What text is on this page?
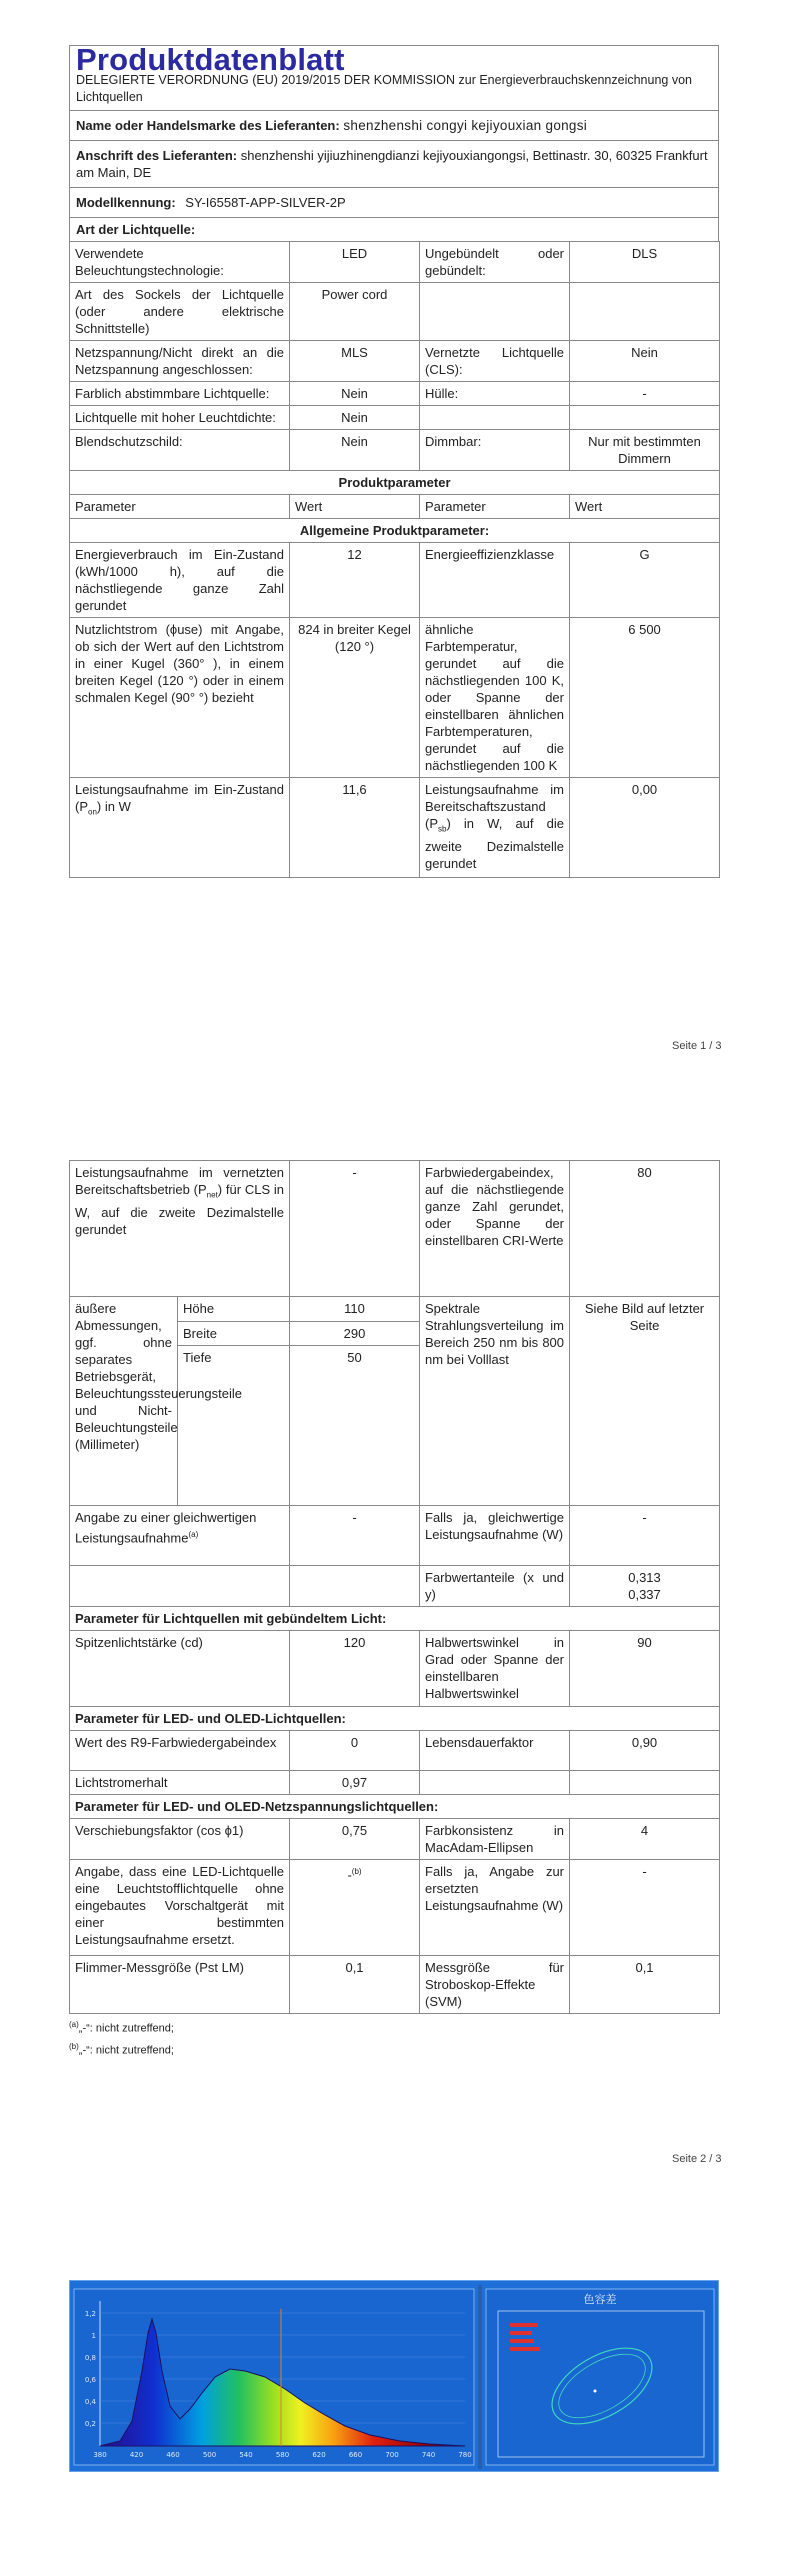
Produktdatenblatt
DELEGIERTE VERORDNUNG (EU) 2019/2015 DER KOMMISSION zur Energieverbrauchskennzeichnung von Lichtquellen
Name oder Handelsmarke des Lieferanten: shenzhenshi congyi kejiyouxian gongsi
Anschrift des Lieferanten: shenzhenshi yijiuzhinengdianzi kejiyouxiangongsi, Bettinastr. 30, 60325 Frankfurt am Main, DE
Modellkennung: SY-I6558T-APP-SILVER-2P
Art der Lichtquelle:
Verwendete Beleuchtungstechnologie:	LED	Ungebündelt oder gebündelt:	DLS
Art des Sockels der Lichtquelle (oder andere elektrische Schnittstelle)	Power cord		
Netzspannung/Nicht direkt an die Netzspannung angeschlossen:	MLS	Vernetzte Lichtquelle (CLS):	Nein
Farblich abstimmbare Lichtquelle:	Nein	Hülle:	-
Lichtquelle mit hoher Leuchtdichte:	Nein		
Blendschutzschild:	Nein	Dimmbar:	Nur mit bestimmten Dimmern
Produktparameter			
Parameter	Wert	Parameter	Wert
Allgemeine Produktparameter:			
Energieverbrauch im Ein-Zustand (kWh/1000 h), auf die nächstliegende ganze Zahl gerundet	12	Energieeffizienzklasse	G
Nutzlichtstrom (ϕuse) mit Angabe, ob sich der Wert auf den Lichtstrom in einer Kugel (360° ), in einem breiten Kegel (120 °) oder in einem schmalen Kegel (90° °) bezieht	824 in breiter Kegel (120 °)	ähnliche Farbtemperatur, gerundet auf die nächstliegenden 100 K, oder Spanne der einstellbaren ähnlichen Farbtemperaturen, gerundet auf die nächstliegenden 100 K	6 500
Leistungsaufnahme im Ein-Zustand $(P_{on})$ in W	11,6	Leistungsaufnahme im Bereitschaftszustand $(P_{sb})$ in W, auf die zweite Dezimalstelle gerundet	0,00
Seite 1 / 3
Leistungsaufnahme im vernetzten Bereitschaftsbetrieb $(P_{net})$ für CLS in W, auf die zweite Dezimalstelle gerundet		-	Farbwiedergabeindex, auf die nächstliegende ganze Zahl gerundet, oder Spanne der einstellbaren CRI-Werte	80
äußere Abmessungen, ggf. ohne separates Betriebsgerät, Beleuchtungssteuerungsteile und Nicht-Beleuchtungsteile (Millimeter)	Höhe	110	Spektrale Strahlungsverteilung im Bereich 250 nm bis 800 nm bei Volllast	Siehe Bild auf letzter Seite
	Breite	290		
	Tiefe	50		
Angabe zu einer gleichwertigen Leistungsaufnahme$^{(a)}$		-	Falls ja, gleichwertige Leistungsaufnahme (W)	-
			Farbwertanteile (x und y)	0,313
0,337

Parameter für Lichtquellen mit gebündeltem Licht:				
Spitzenlichtstärke (cd)		120	Halbwertswinkel in Grad oder Spanne der einstellbaren Halbwertswinkel	90
Parameter für LED- und OLED-Lichtquellen:				
Wert des R9-Farbwiedergabeindex		0	Lebensdauerfaktor	0,90
Lichtstromerhalt		0,97		
Parameter für LED- und OLED-Netzspannungslichtquellen:				
Verschiebungsfaktor (cos ϕ1)		0,75	Farbkonsistenz in MacAdam-Ellipsen	4
Angabe, dass eine LED-Lichtquelle eine Leuchtstofflichtquelle ohne eingebautes Vorschaltgerät mit einer bestimmten Leistungsaufnahme ersetzt.		-$^{(b)}$	Falls ja, Angabe zur ersetzten Leistungsaufnahme (W)	-
Flimmer-Messgröße (Pst LM)		0,1	Messgröße für Stroboskop-Effekte (SVM)	0,1
$^{(a)}$„-“: nicht zutreffend;
$^{(b)}$„-“: nicht zutreffend;
Seite 2 / 3
380	420	460	500	540	580	620	660	700	740	780
1,2
1
0,8
0,6
0,4
0,2
色容差
